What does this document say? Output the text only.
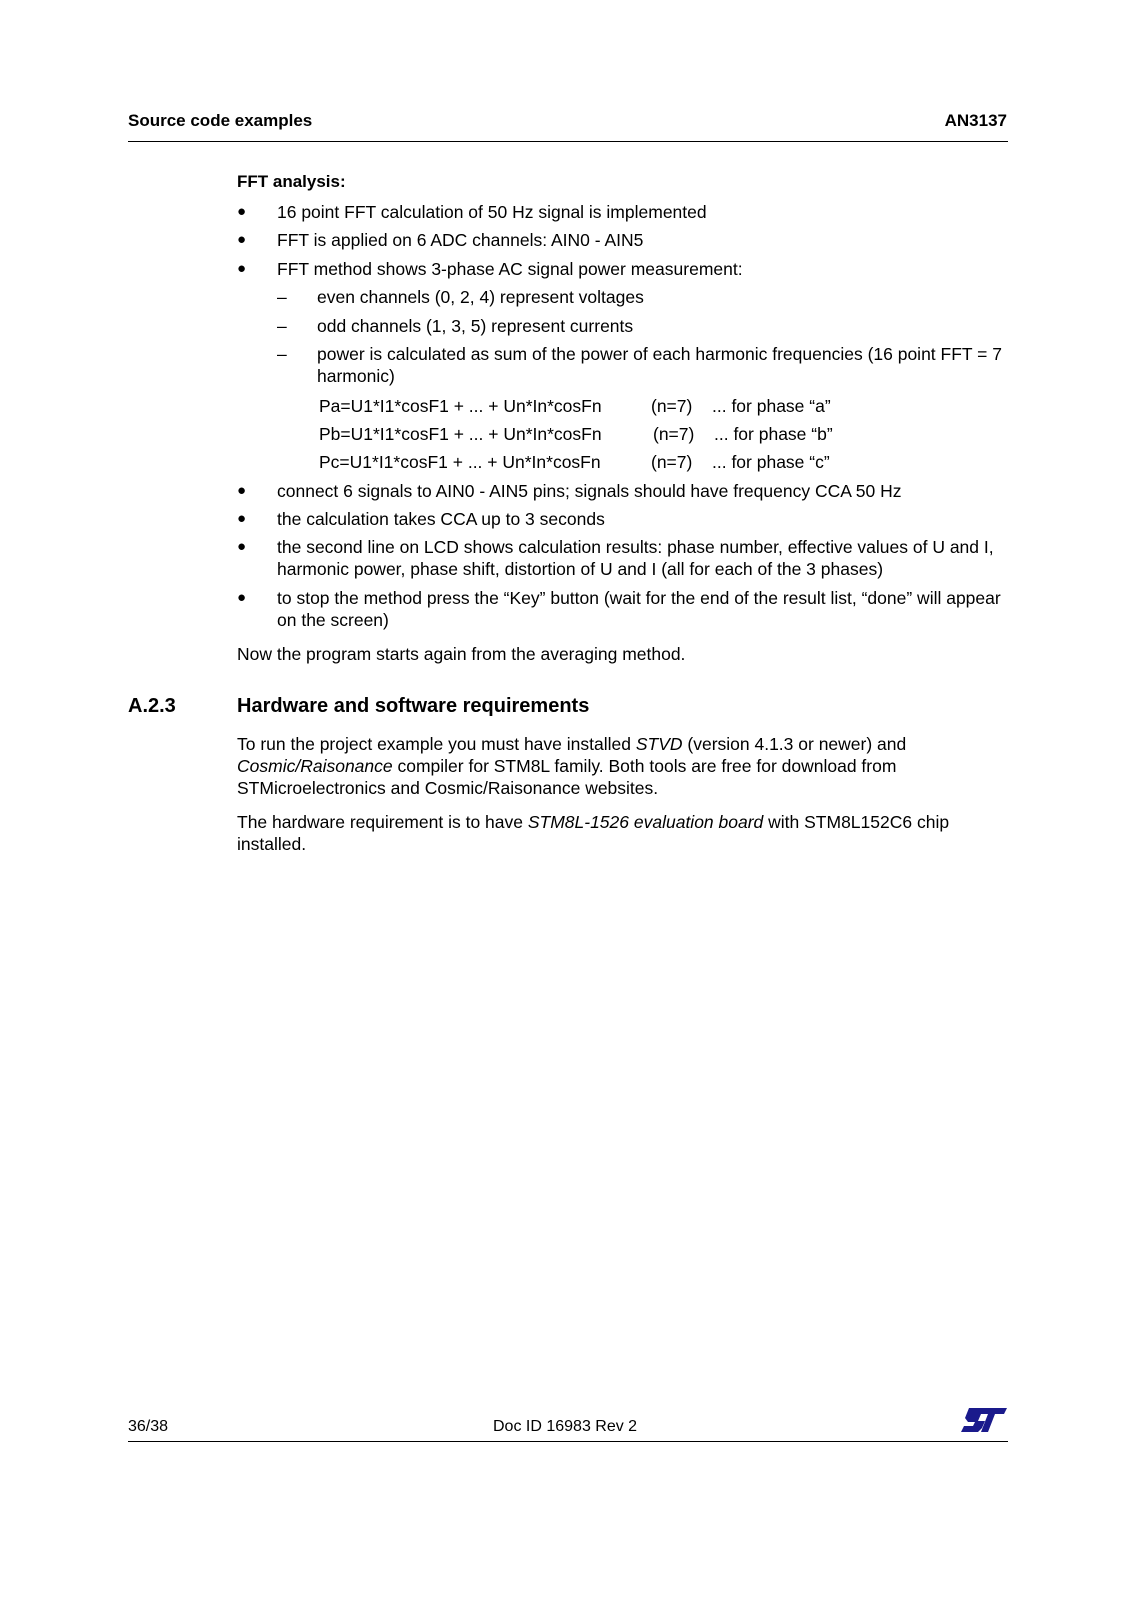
Source code examples	AN3137
FFT analysis:
● 16 point FFT calculation of 50 Hz signal is implemented
● FFT is applied on 6 ADC channels: AIN0 - AIN5
● FFT method shows 3-phase AC signal power measurement:
– even channels (0, 2, 4) represent voltages
– odd channels (1, 3, 5) represent currents
– power is calculated as sum of the power of each harmonic frequencies (16 point FFT = 7 harmonic)
Pa=U1*I1*cosF1 + ... + Un*In*cosFn	(n=7) ... for phase “a”
Pb=U1*I1*cosF1 + ... + Un*In*cosFn	(n=7) ... for phase “b”
Pc=U1*I1*cosF1 + ... + Un*In*cosFn	(n=7) ... for phase “c”
● connect 6 signals to AIN0 - AIN5 pins; signals should have frequency CCA 50 Hz
● the calculation takes CCA up to 3 seconds
● the second line on LCD shows calculation results: phase number, effective values of U and I, harmonic power, phase shift, distortion of U and I (all for each of the 3 phases)
● to stop the method press the “Key” button (wait for the end of the result list, “done” will appear on the screen)
Now the program starts again from the averaging method.
A.2.3	Hardware and software requirements
To run the project example you must have installed STVD (version 4.1.3 or newer) and Cosmic/Raisonance compiler for STM8L family. Both tools are free for download from STMicroelectronics and Cosmic/Raisonance websites.
The hardware requirement is to have STM8L-1526 evaluation board with STM8L152C6 chip installed.
36/38	Doc ID 16983 Rev 2
